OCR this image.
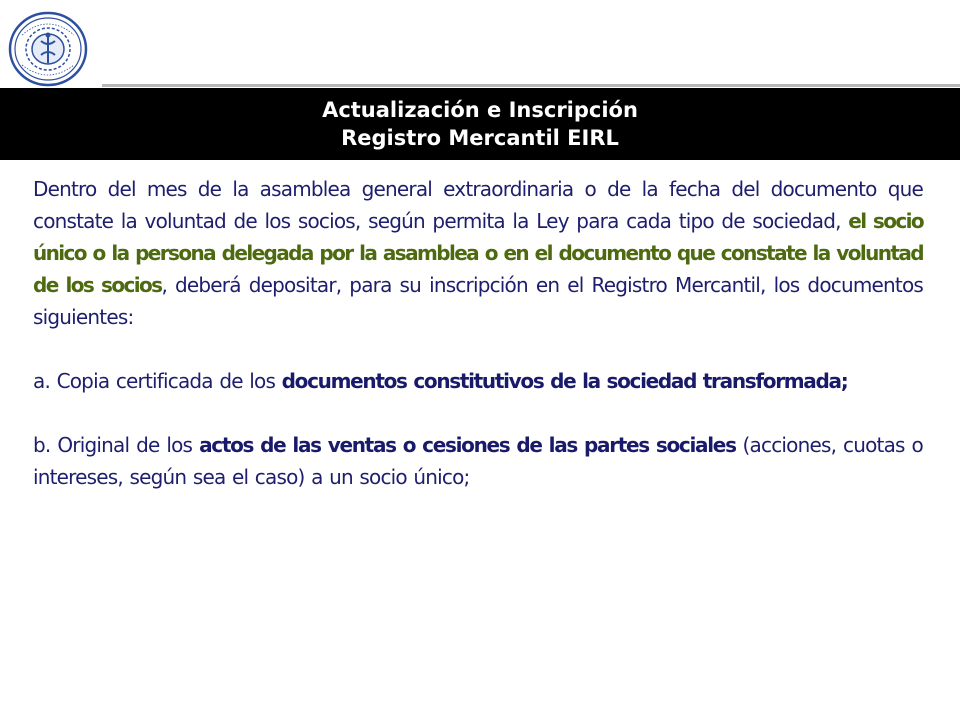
Actualización e Inscripción
Registro Mercantil EIRL

Dentro del mes de la asamblea general extraordinaria o de la fecha del documento que constate la voluntad de los socios, según permita la Ley para cada tipo de sociedad, el socio único o la persona delegada por la asamblea o en el documento que constate la voluntad de los socios, deberá depositar, para su inscripción en el Registro Mercantil, los documentos siguientes:

a. Copia certificada de los documentos constitutivos de la sociedad transformada;

b. Original de los actos de las ventas o cesiones de las partes sociales (acciones, cuotas o intereses, según sea el caso) a un socio único;
